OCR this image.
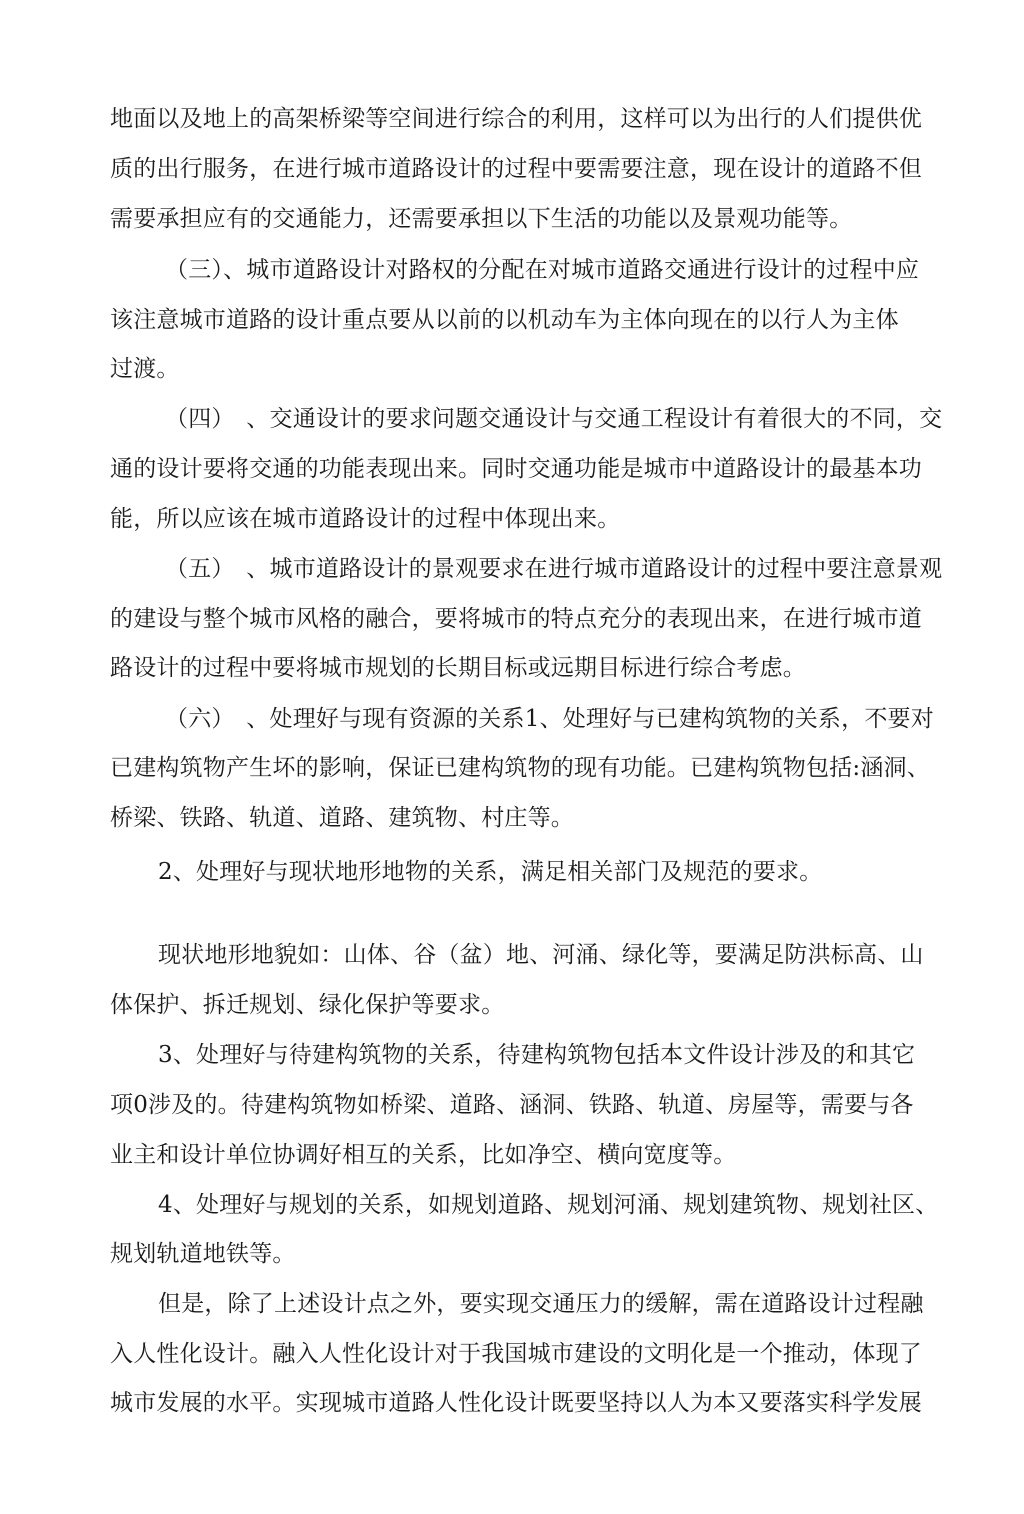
地面以及地上的高架桥梁等空间进行综合的利用，这样可以为出行的人们提供优
质的出行服务，在进行城市道路设计的过程中要需要注意，现在设计的道路不但
需要承担应有的交通能力，还需要承担以下生活的功能以及景观功能等。
（三）、城市道路设计对路权的分配在对城市道路交通进行设计的过程中应
该注意城市道路的设计重点要从以前的以机动车为主体向现在的以行人为主体
过渡。
（四）　、交通设计的要求问题交通设计与交通工程设计有着很大的不同，交
通的设计要将交通的功能表现出来。同时交通功能是城市中道路设计的最基本功
能，所以应该在城市道路设计的过程中体现出来。
（五）　、城市道路设计的景观要求在进行城市道路设计的过程中要注意景观
的建设与整个城市风格的融合，要将城市的特点充分的表现出来，在进行城市道
路设计的过程中要将城市规划的长期目标或远期目标进行综合考虑。
（六）　、处理好与现有资源的关系1、处理好与已建构筑物的关系，不要对
已建构筑物产生坏的影响，保证已建构筑物的现有功能。已建构筑物包括:涵洞、
桥梁、铁路、轨道、道路、建筑物、村庄等。
2、处理好与现状地形地物的关系，满足相关部门及规范的要求。
现状地形地貌如：山体、谷（盆）地、河涌、绿化等，要满足防洪标高、山
体保护、拆迁规划、绿化保护等要求。
3、处理好与待建构筑物的关系，待建构筑物包括本文件设计涉及的和其它
项0涉及的。待建构筑物如桥梁、道路、涵洞、铁路、轨道、房屋等，需要与各
业主和设计单位协调好相互的关系，比如净空、横向宽度等。
4、处理好与规划的关系，如规划道路、规划河涌、规划建筑物、规划社区、
规划轨道地铁等。
但是，除了上述设计点之外，要实现交通压力的缓解，需在道路设计过程融
入人性化设计。融入人性化设计对于我国城市建设的文明化是一个推动，体现了
城市发展的水平。实现城市道路人性化设计既要坚持以人为本又要落实科学发展
